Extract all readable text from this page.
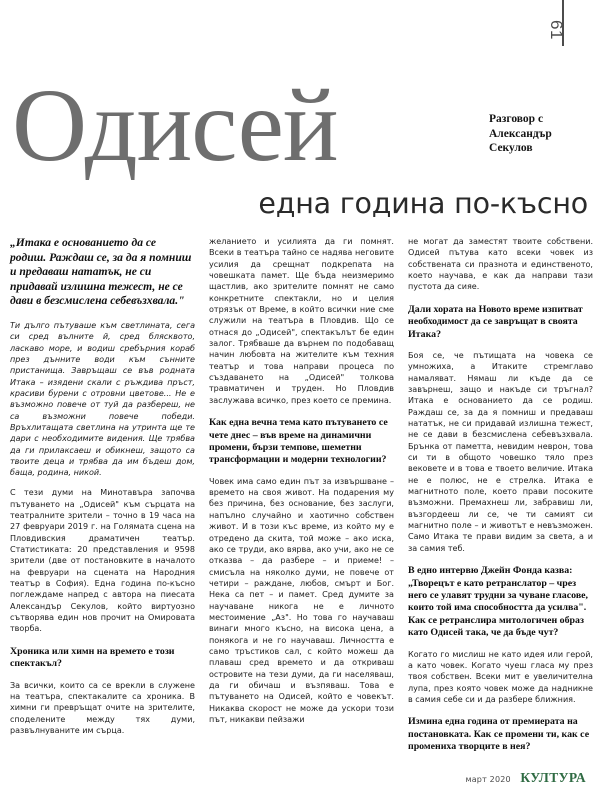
61
Одисей	Разговор с Александър Секулов
една година по-късно

„Итака е основанието да се родиш. Раждаш се, за да я помниш и предаваш нататък, не си придавай излишна тежест, не се дави в безсмислена себевъзхвала."

Ти дълго пътуваше към светлината, сега си сред вълните й, сред блясквото, ласкаво море, и водиш сребърния кораб през дънните води към сънните пристанища. Завръщаш се във родната Итака – изядени скали с ръждива пръст, красиви бурени с отровни цветове... Не е възможно повече от туй да разбереш, не са възможни повече победи. Връхлитащата светлина на утринта ще те дари с необходимите видения. Ще трябва да ги прилаксаеш и обикнеш, защото са твоите деца и трябва да им бъдеш дом, баща, родина, никой.

С тези думи на Минотавъра започва пътуването на „Одисей" към сърцата на театралните зрители – точно в 19 часа на 27 февруари 2019 г. на Голямата сцена на Пловдивския драматичен театър. Статистиката: 20 представления и 9598 зрители (две от постановките в началото на февруари на сцената на Народния театър в София). Една година по-късно поглеждаме напред с автора на пиесата Александър Секулов, който виртуозно сътворява един нов прочит на Омировата творба.

Хроника или химн на времето е този спектакъл?

За всички, които са се врекли в служене на театъра, спектакалите са хроника. В химни ги превръщат очите на зрителите, споделените между тях думи, развълнуваните им сърца.

желанието и усилията да ги помнят. Всеки в театъра тайно се надява неговите усилия да срещнат подкрепата на човешката памет. Ще бъда неизмеримо щастлив, ако зрителите помнят не само конкретните спектакли, но и целия отрязък от Време, в който всички ние сме служили на театъра в Пловдив. Що се отнася до „Одисей", спектакълът бе един залог. Трябваше да върнем по подобаващ начин любовта на жителите към техния театър и това направи процеса по създаването на „Одисей" толкова травматичен и труден. Но Пловдив заслужава всичко, през което се премина.

Как една вечна тема като пътуването се чете днес – във време на динамични промени, бързи темпове, шеметни трансформации и модерни технологии?

Човек има само един път за извършване – времето на своя живот. На подарения му без причина, без основание, без заслуги, напълно случайно и хаотично собствен живот. И в този къс време, из който му е отредено да скита, той може – ако иска, ако се труди, ако вярва, ако учи, ако не се отказва – да разбере – и приеме! – смисъла на няколко думи, не повече от четири – раждане, любов, смърт и Бог. Нека са пет – и памет. Сред думите за научаване никога не е личното местоимение „Аз". Но това го научаваш винаги много късно, на висока цена, а понякога и не го научаваш. Личността е само тръстиков сал, с който можеш да плаваш сред времето и да откриваш островите на тези думи, да ги населяваш, да ги обичаш и възпяваш. Това е пътуването на Одисей, който е човекът. Никаква скорост не може да ускори този път, никакви пейзажи

не могат да заместят твоите собствени. Одисей пътува като всеки човек из собствената си празнота и единственото, което научава, е как да направи тази пустота да сияе.

Дали хората на Новото време изпитват необходимост да се завръщат в своята Итака?

Боя се, че пътищата на човека се умножиха, а Итаките стремглаво намаляват. Нямаш ли къде да се завърнеш, защо и накъде си тръгнал? Итака е основанието да се родиш. Раждаш се, за да я помниш и предаваш нататък, не си придавай излишна тежест, не се дави в безсмислена себевъзхвала. Брънка от паметта, невидим неврон, това си ти в общото човешко тяло през вековете и в това е твоето величие. Итака не е полюс, не е стрелка. Итака е магнитното поле, което прави посоките възможни. Премахнеш ли, забравиш ли, възгордееш ли се, че ти самият си магнитно поле – и животът е невъзможен. Само Итака те прави видим за света, а и за самия теб.

В едно интервю Джейн Фонда казва: „Творецът е като ретранслатор – чрез него се улавят трудни за чуване гласове, които той има способността да усилва". Как се ретранслира митологичен образ като Одисей така, че да бъде чут?

Когато го мислиш не като идея или герой, а като човек. Когато чуеш гласа му през твоя собствен. Всеки мит е увеличителна лупа, през която човек може да надникне в самия себе си и да разбере ближния.

Измина една година от премиерата на постановката. Как се промени ти, как се промениха творците в нея?
март 2020 КУЛТУРА
